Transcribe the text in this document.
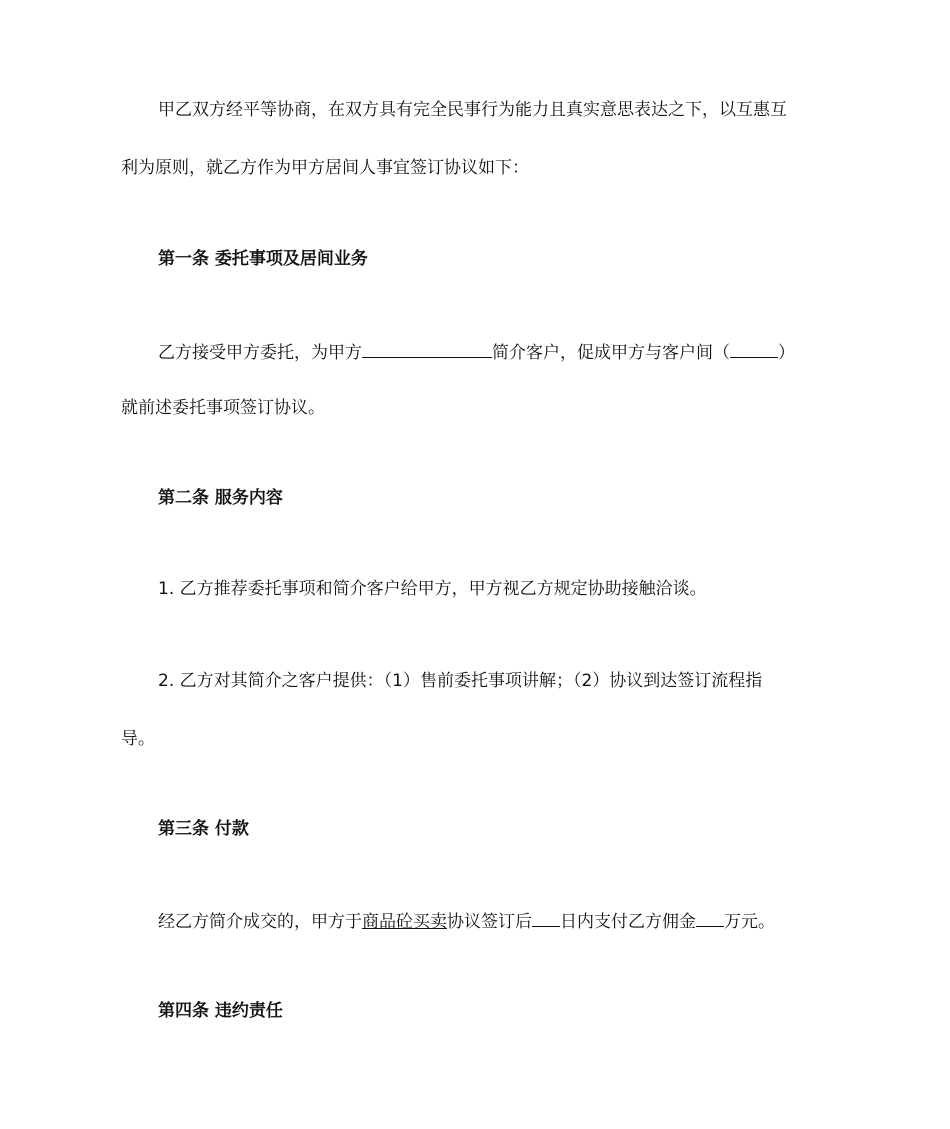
甲乙双方经平等协商，在双方具有完全民事行为能力且真实意思表达之下，以互惠互
利为原则，就乙方作为甲方居间人事宜签订协议如下：
第一条 委托事项及居间业务
乙方接受甲方委托，为甲方	简介客户，促成甲方与客户间（	）
就前述委托事项签订协议。
第二条 服务内容
1. 乙方推荐委托事项和简介客户给甲方，甲方视乙方规定协助接触洽谈。
2. 乙方对其简介之客户提供：（1）售前委托事项讲解；（2）协议到达签订流程指
导。
第三条 付款
经乙方简介成交的，甲方于商品砼买卖协议签订后 日内支付乙方佣金 万元。
第四条 违约责任
